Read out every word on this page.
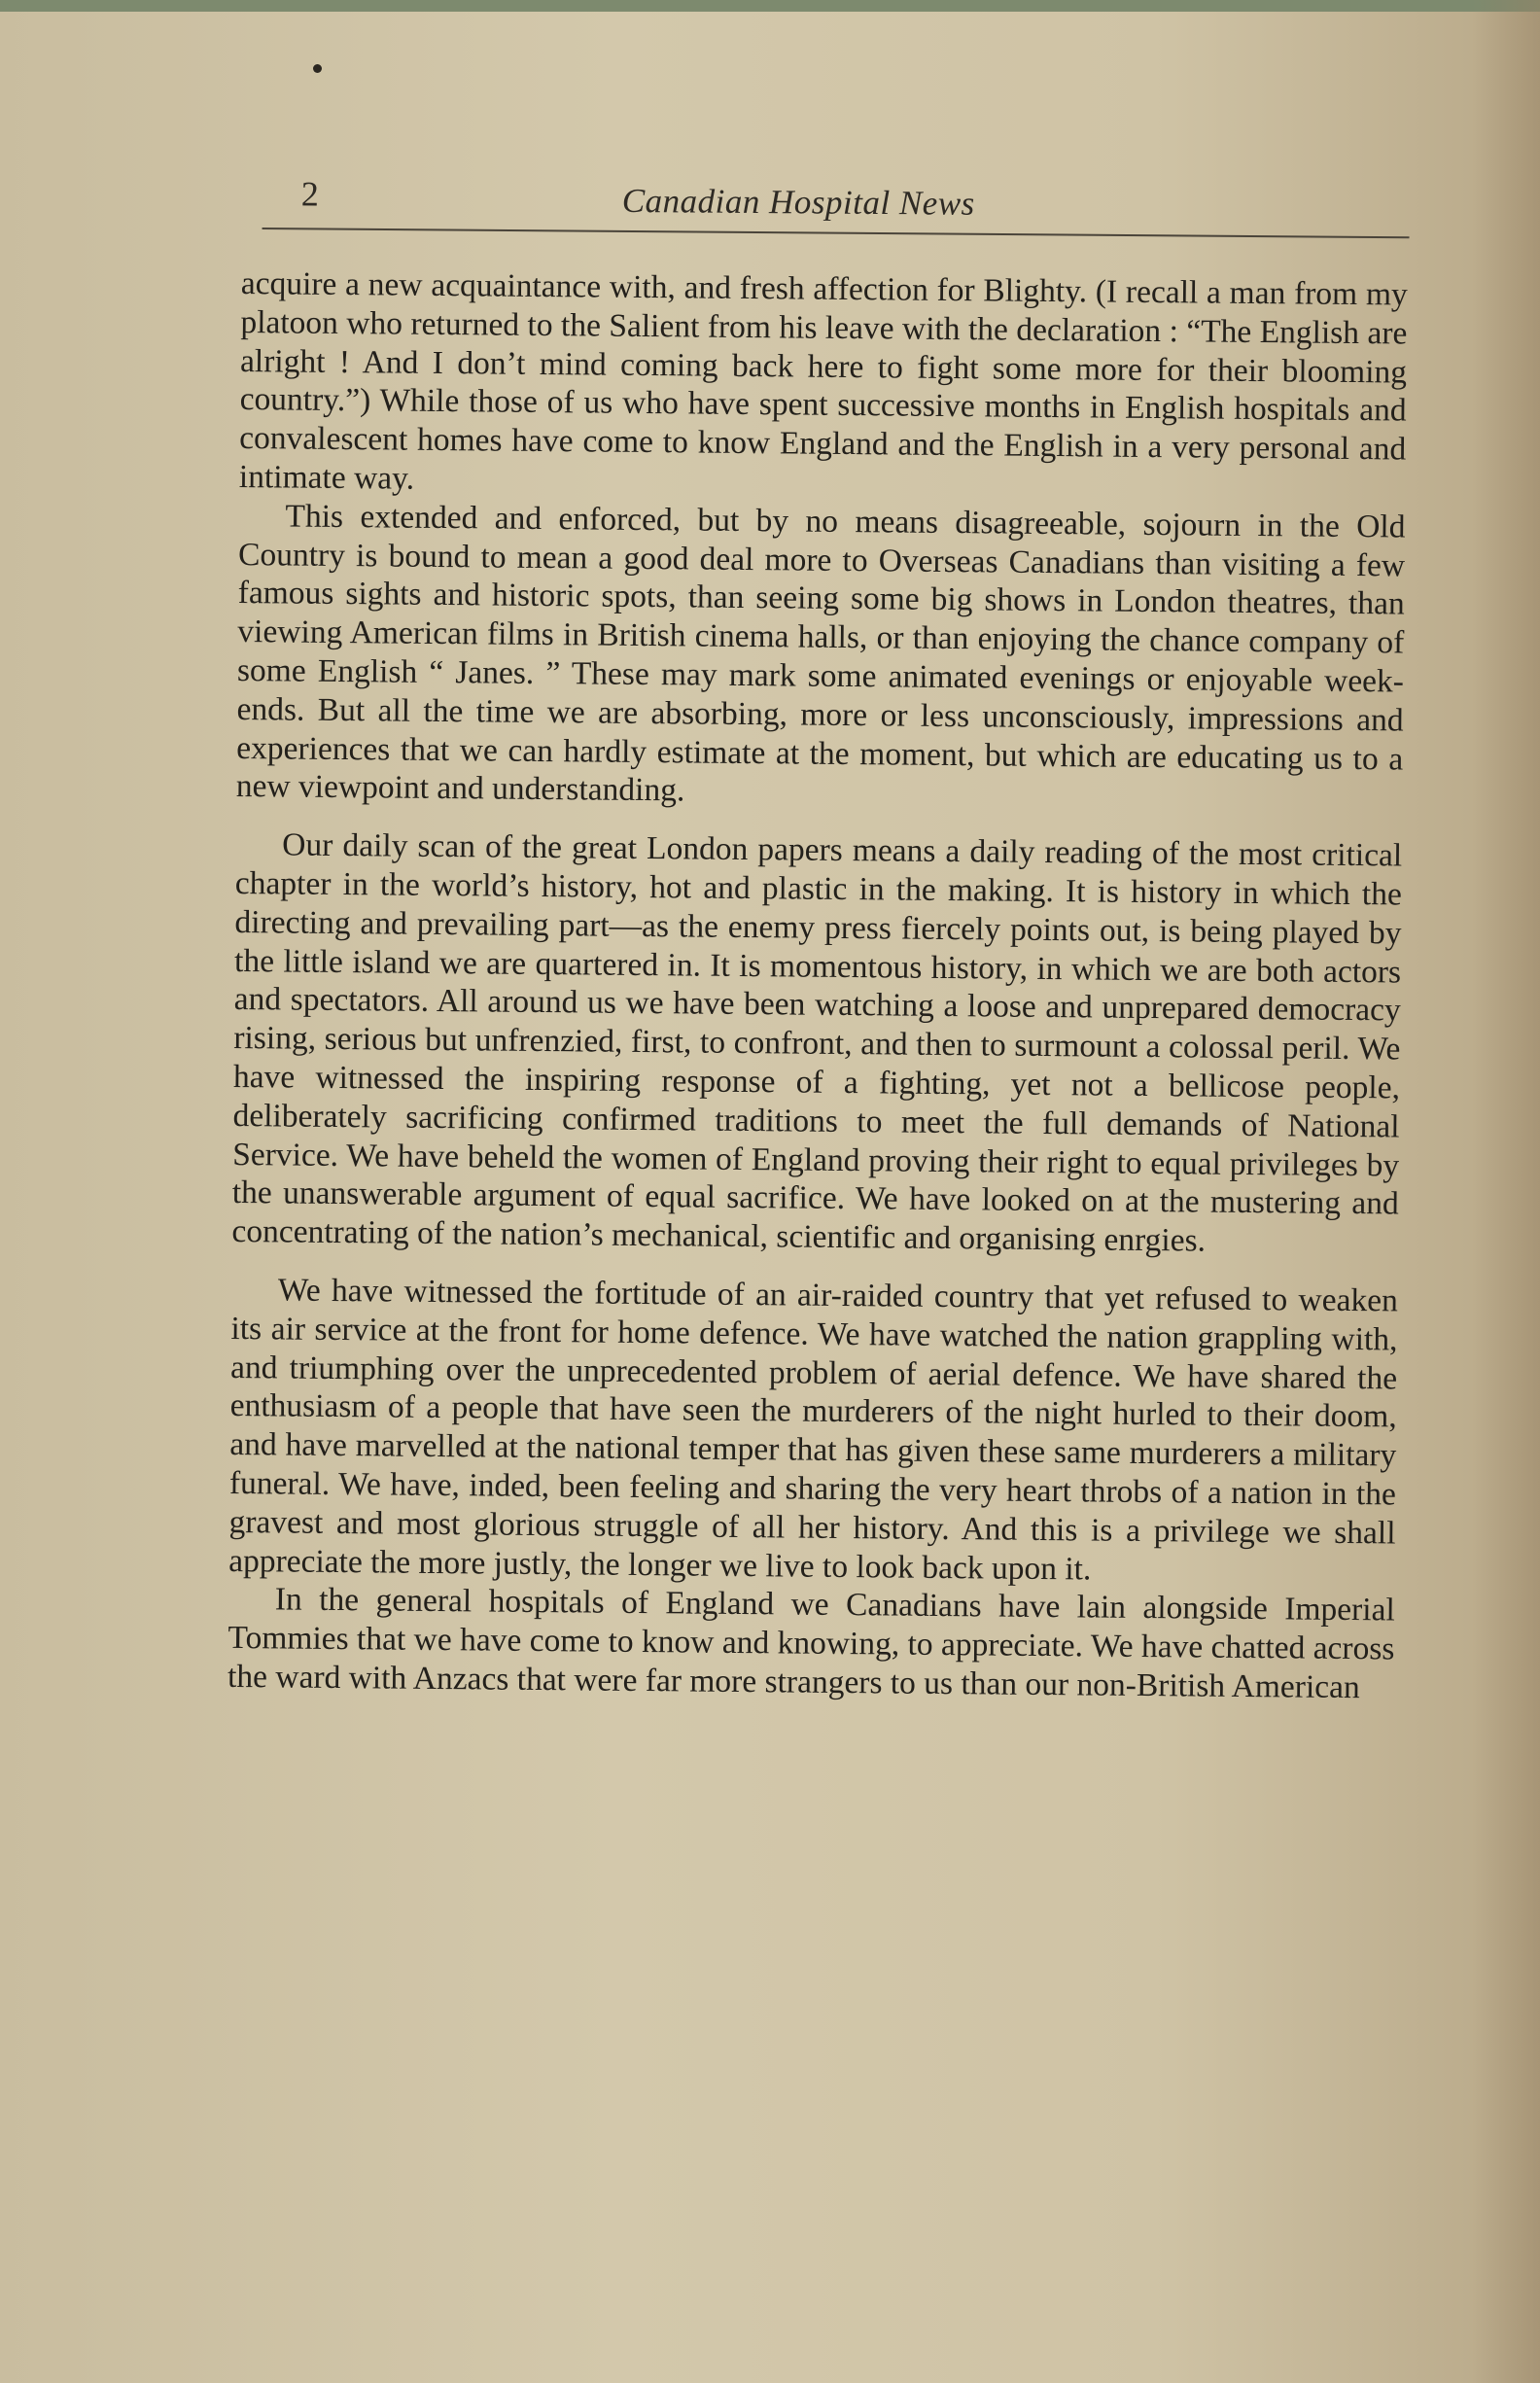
2	Canadian Hospital News

acquire a new acquaintance with, and fresh affection for Blighty. (I recall a man from my platoon who returned to the Salient from his leave with the declaration : “The English are alright ! And I don’t mind coming back here to fight some more for their blooming country.”) While those of us who have spent successive months in English hospitals and convalescent homes have come to know England and the English in a very personal and intimate way.

This extended and enforced, but by no means disagreeable, sojourn in the Old Country is bound to mean a good deal more to Overseas Canadians than visiting a few famous sights and historic spots, than seeing some big shows in London theatres, than viewing American films in British cinema halls, or than enjoying the chance company of some English “ Janes. ” These may mark some animated evenings or enjoyable week-ends. But all the time we are absorbing, more or less unconsciously, impressions and experiences that we can hardly estimate at the moment, but which are educating us to a new viewpoint and understanding.

Our daily scan of the great London papers means a daily reading of the most critical chapter in the world’s history, hot and plastic in the making. It is history in which the directing and prevailing part—as the enemy press fiercely points out, is being played by the little island we are quartered in. It is momentous history, in which we are both actors and spectators. All around us we have been watching a loose and unprepared democracy rising, serious but unfrenzied, first, to confront, and then to surmount a colossal peril. We have witnessed the inspiring response of a fighting, yet not a bellicose people, deliberately sacrificing confirmed traditions to meet the full demands of National Service. We have beheld the women of England proving their right to equal privileges by the unanswerable argument of equal sacrifice. We have looked on at the mustering and concentrating of the nation’s mechanical, scientific and organising enrgies.

We have witnessed the fortitude of an air-raided country that yet refused to weaken its air service at the front for home defence. We have watched the nation grappling with, and triumphing over the unprecedented problem of aerial defence. We have shared the enthusiasm of a people that have seen the murderers of the night hurled to their doom, and have marvelled at the national temper that has given these same murderers a military funeral. We have, inded, been feeling and sharing the very heart throbs of a nation in the gravest and most glorious struggle of all her history. And this is a privilege we shall appreciate the more justly, the longer we live to look back upon it.

In the general hospitals of England we Canadians have lain alongside Imperial Tommies that we have come to know and knowing, to appreciate. We have chatted across the ward with Anzacs that were far more strangers to us than our non-British American
